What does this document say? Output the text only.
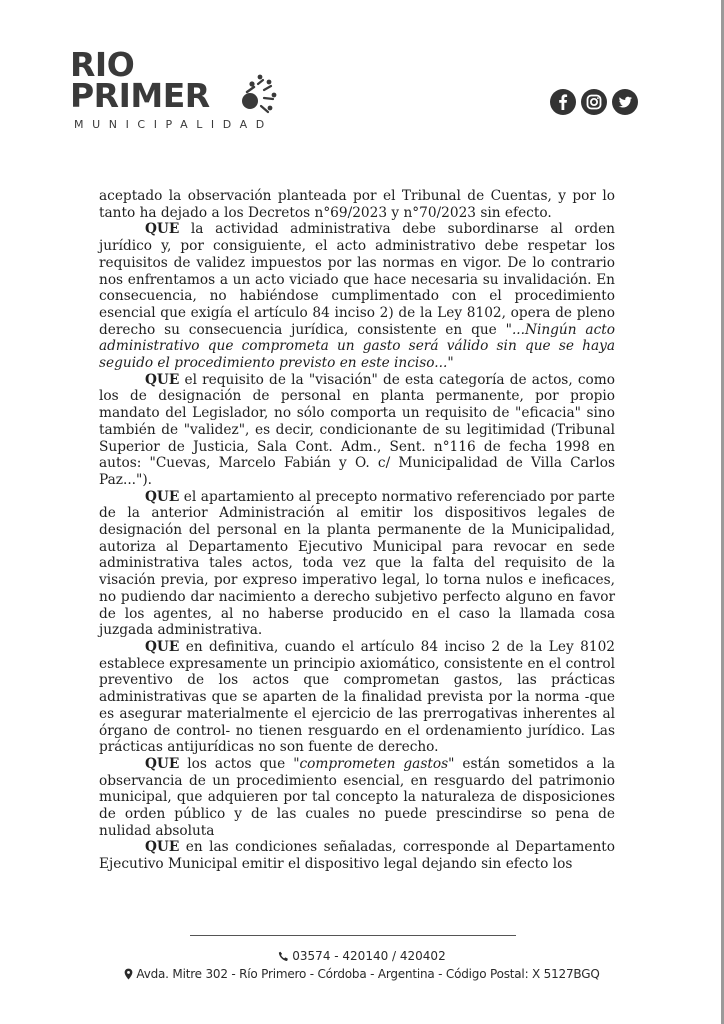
RIO
PRIMER
MUNICIPALIDAD

aceptado la observación planteada por el Tribunal de Cuentas, y por lo tanto ha dejado a los Decretos n°69/2023 y n°70/2023 sin efecto.

QUE la actividad administrativa debe subordinarse al orden jurídico y, por consiguiente, el acto administrativo debe respetar los requisitos de validez impuestos por las normas en vigor. De lo contrario nos enfrentamos a un acto viciado que hace necesaria su invalidación. En consecuencia, no habiéndose cumplimentado con el procedimiento esencial que exigía el artículo 84 inciso 2) de la Ley 8102, opera de pleno derecho su consecuencia jurídica, consistente en que "...Ningún acto administrativo que comprometa un gasto será válido sin que se haya seguido el procedimiento previsto en este inciso..."

QUE el requisito de la "visación" de esta categoría de actos, como los de designación de personal en planta permanente, por propio mandato del Legislador, no sólo comporta un requisito de "eficacia" sino también de "validez", es decir, condicionante de su legitimidad (Tribunal Superior de Justicia, Sala Cont. Adm., Sent. n°116 de fecha 1998 en autos: "Cuevas, Marcelo Fabián y O. c/ Municipalidad de Villa Carlos Paz...").

QUE el apartamiento al precepto normativo referenciado por parte de la anterior Administración al emitir los dispositivos legales de designación del personal en la planta permanente de la Municipalidad, autoriza al Departamento Ejecutivo Municipal para revocar en sede administrativa tales actos, toda vez que la falta del requisito de la visación previa, por expreso imperativo legal, lo torna nulos e ineficaces, no pudiendo dar nacimiento a derecho subjetivo perfecto alguno en favor de los agentes, al no haberse producido en el caso la llamada cosa juzgada administrativa.

QUE en definitiva, cuando el artículo 84 inciso 2 de la Ley 8102 establece expresamente un principio axiomático, consistente en el control preventivo de los actos que comprometan gastos, las prácticas administrativas que se aparten de la finalidad prevista por la norma -que es asegurar materialmente el ejercicio de las prerrogativas inherentes al órgano de control- no tienen resguardo en el ordenamiento jurídico. Las prácticas antijurídicas no son fuente de derecho.

QUE los actos que "comprometen gastos" están sometidos a la observancia de un procedimiento esencial, en resguardo del patrimonio municipal, que adquieren por tal concepto la naturaleza de disposiciones de orden público y de las cuales no puede prescindirse so pena de nulidad absoluta

QUE en las condiciones señaladas, corresponde al Departamento Ejecutivo Municipal emitir el dispositivo legal dejando sin efecto los

03574 - 420140 / 420402
Avda. Mitre 302 - Río Primero - Córdoba - Argentina - Código Postal: X 5127BGQ
